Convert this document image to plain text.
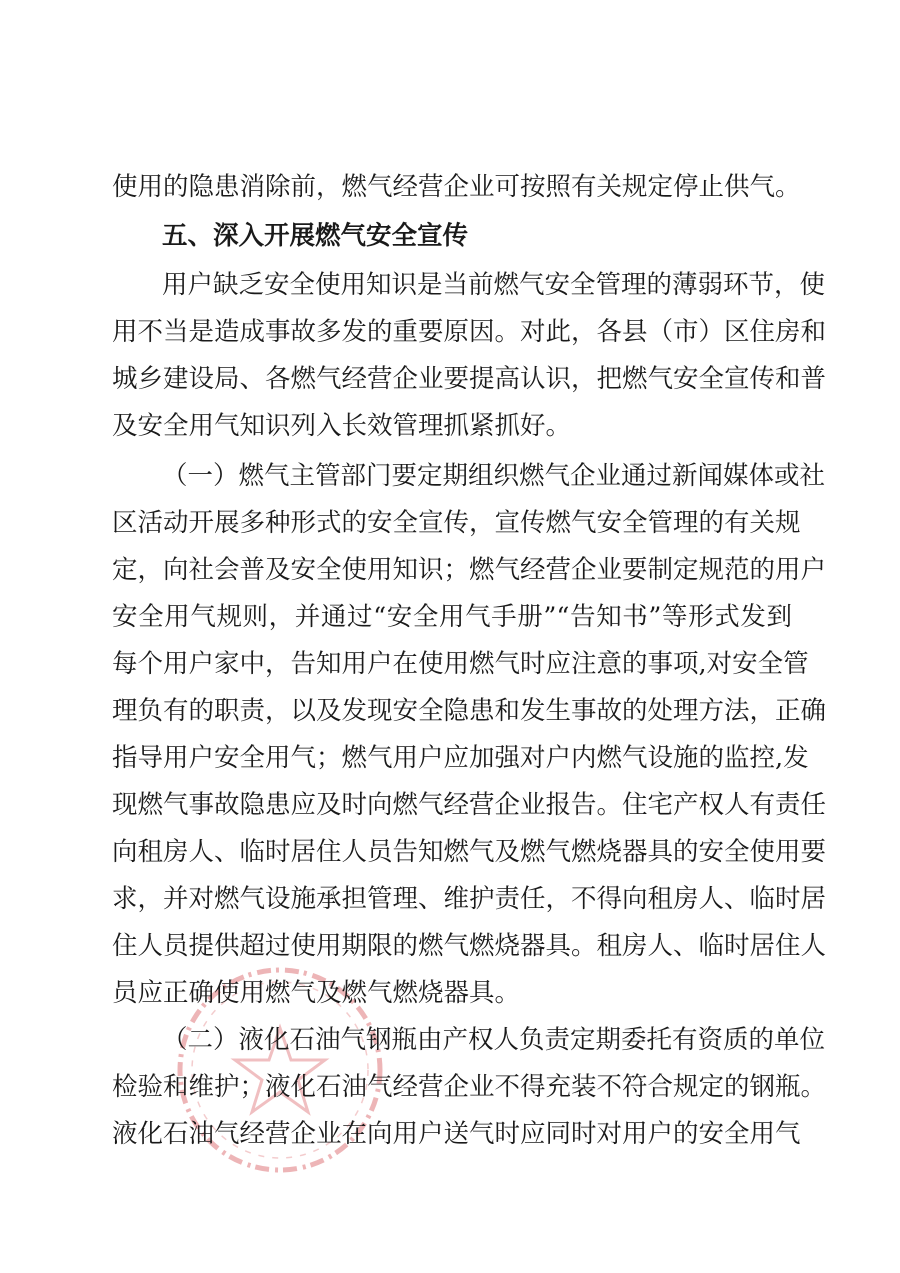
使用的隐患消除前，燃气经营企业可按照有关规定停止供气。
五、深入开展燃气安全宣传
用户缺乏安全使用知识是当前燃气安全管理的薄弱环节，使
用不当是造成事故多发的重要原因。对此，各县（市）区住房和
城乡建设局、各燃气经营企业要提高认识，把燃气安全宣传和普
及安全用气知识列入长效管理抓紧抓好。
（一）燃气主管部门要定期组织燃气企业通过新闻媒体或社
区活动开展多种形式的安全宣传，宣传燃气安全管理的有关规
定，向社会普及安全使用知识；燃气经营企业要制定规范的用户
安全用气规则，并通过“安全用气手册”“告知书”等形式发到
每个用户家中，告知用户在使用燃气时应注意的事项,对安全管
理负有的职责，以及发现安全隐患和发生事故的处理方法，正确
指导用户安全用气；燃气用户应加强对户内燃气设施的监控,发
现燃气事故隐患应及时向燃气经营企业报告。住宅产权人有责任
向租房人、临时居住人员告知燃气及燃气燃烧器具的安全使用要
求，并对燃气设施承担管理、维护责任，不得向租房人、临时居
住人员提供超过使用期限的燃气燃烧器具。租房人、临时居住人
员应正确使用燃气及燃气燃烧器具。
（二）液化石油气钢瓶由产权人负责定期委托有资质的单位
检验和维护；液化石油气经营企业不得充装不符合规定的钢瓶。
液化石油气经营企业在向用户送气时应同时对用户的安全用气
